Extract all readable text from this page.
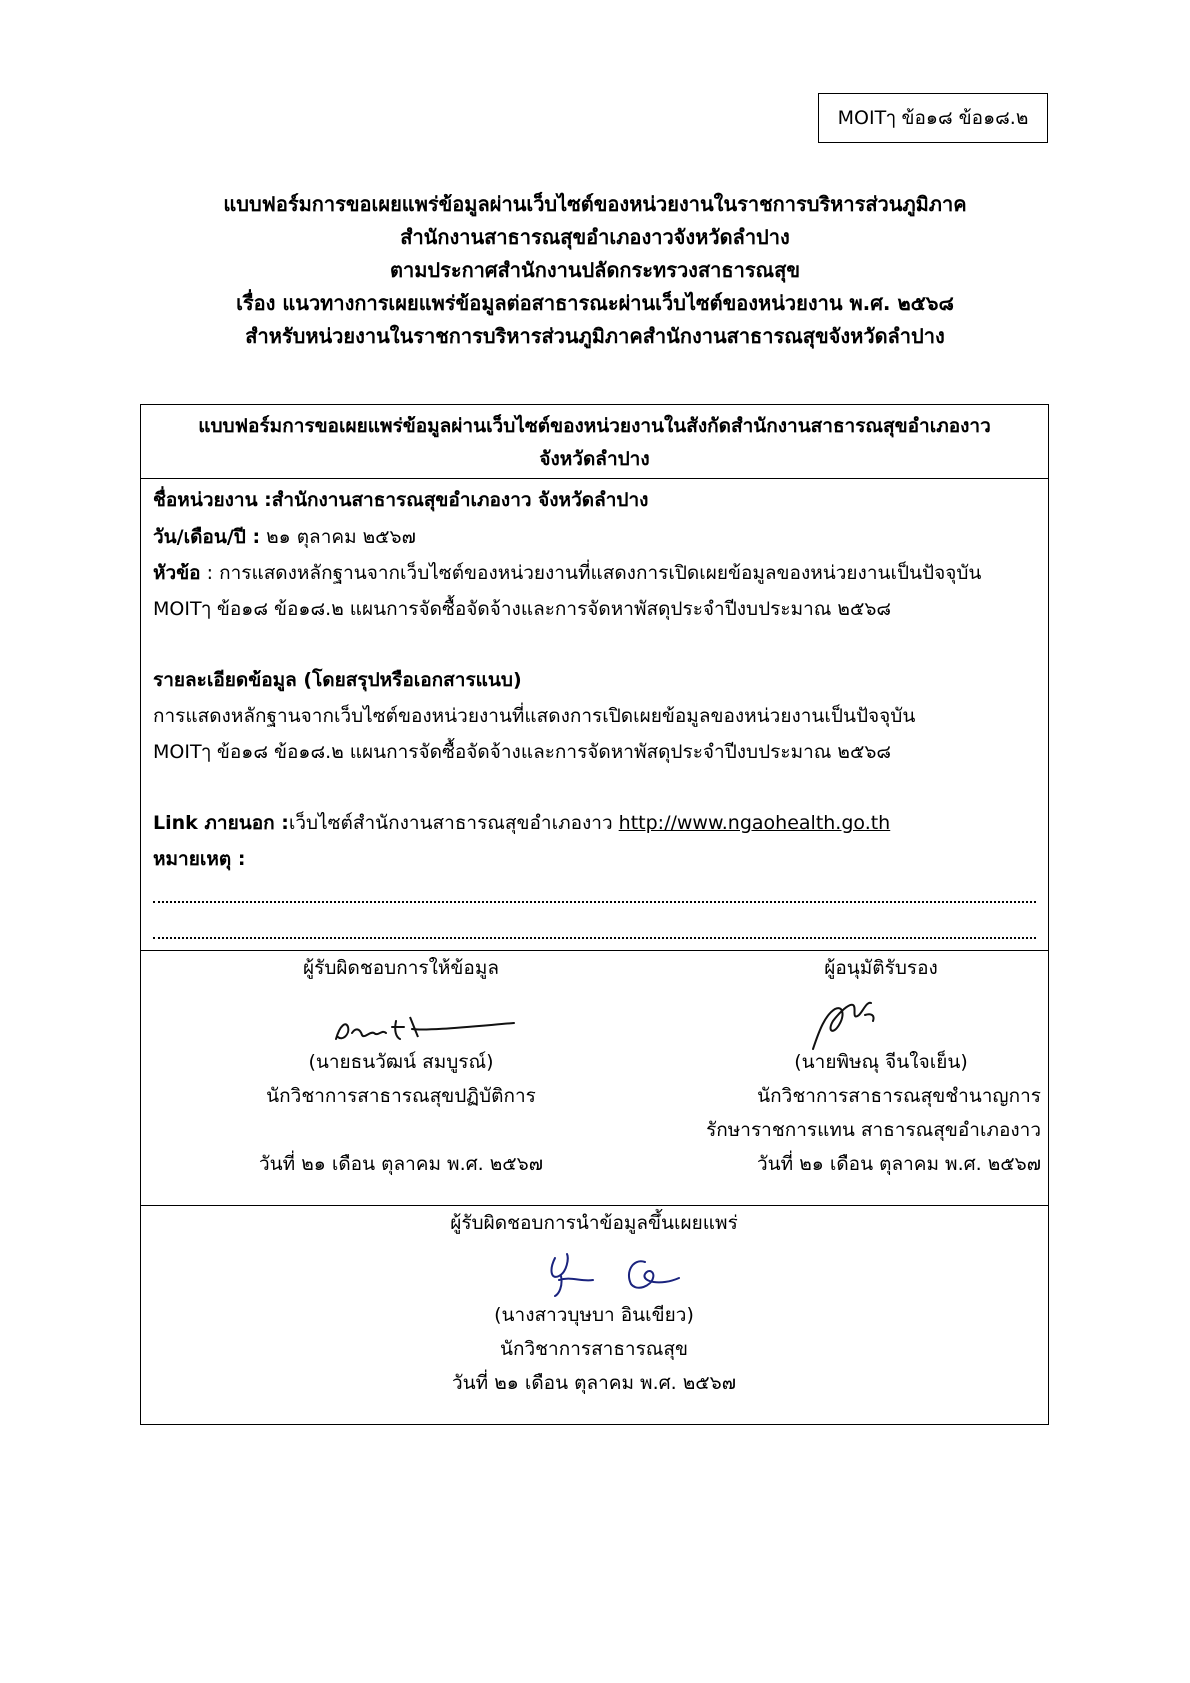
MOITๅ ข้อ๑๘ ข้อ๑๘.๒
แบบฟอร์มการขอเผยแพร่ข้อมูลผ่านเว็บไซต์ของหน่วยงานในราชการบริหารส่วนภูมิภาค
สำนักงานสาธารณสุขอำเภองาวจังหวัดลำปาง
ตามประกาศสำนักงานปลัดกระทรวงสาธารณสุข
เรื่อง แนวทางการเผยแพร่ข้อมูลต่อสาธารณะผ่านเว็บไซต์ของหน่วยงาน พ.ศ. ๒๕๖๘
สำหรับหน่วยงานในราชการบริหารส่วนภูมิภาคสำนักงานสาธารณสุขจังหวัดลำปาง
แบบฟอร์มการขอเผยแพร่ข้อมูลผ่านเว็บไซต์ของหน่วยงานในสังกัดสำนักงานสาธารณสุขอำเภองาว
จังหวัดลำปาง
ชื่อหน่วยงาน :สำนักงานสาธารณสุขอำเภองาว จังหวัดลำปาง
วัน/เดือน/ปี : ๒๑ ตุลาคม ๒๕๖๗
หัวข้อ : การแสดงหลักฐานจากเว็บไซต์ของหน่วยงานที่แสดงการเปิดเผยข้อมูลของหน่วยงานเป็นปัจจุบัน
MOITๅ ข้อ๑๘ ข้อ๑๘.๒ แผนการจัดซื้อจัดจ้างและการจัดหาพัสดุประจำปีงบประมาณ ๒๕๖๘
รายละเอียดข้อมูล (โดยสรุปหรือเอกสารแนบ)
การแสดงหลักฐานจากเว็บไซต์ของหน่วยงานที่แสดงการเปิดเผยข้อมูลของหน่วยงานเป็นปัจจุบัน
MOITๅ ข้อ๑๘ ข้อ๑๘.๒ แผนการจัดซื้อจัดจ้างและการจัดหาพัสดุประจำปีงบประมาณ ๒๕๖๘
Link ภายนอก :เว็บไซต์สำนักงานสาธารณสุขอำเภองาว http://www.ngaohealth.go.th
หมายเหตุ :
ผู้รับผิดชอบการให้ข้อมูล
(นายธนวัฒน์ สมบูรณ์)
นักวิชาการสาธารณสุขปฏิบัติการ
วันที่ ๒๑ เดือน ตุลาคม พ.ศ. ๒๕๖๗
ผู้อนุมัติรับรอง
(นายพิษณุ จีนใจเย็น)
นักวิชาการสาธารณสุขชำนาญการ
รักษาราชการแทน สาธารณสุขอำเภองาว
วันที่ ๒๑ เดือน ตุลาคม พ.ศ. ๒๕๖๗
ผู้รับผิดชอบการนำข้อมูลขึ้นเผยแพร่
(นางสาวบุษบา อินเขียว)
นักวิชาการสาธารณสุข
วันที่ ๒๑ เดือน ตุลาคม พ.ศ. ๒๕๖๗
